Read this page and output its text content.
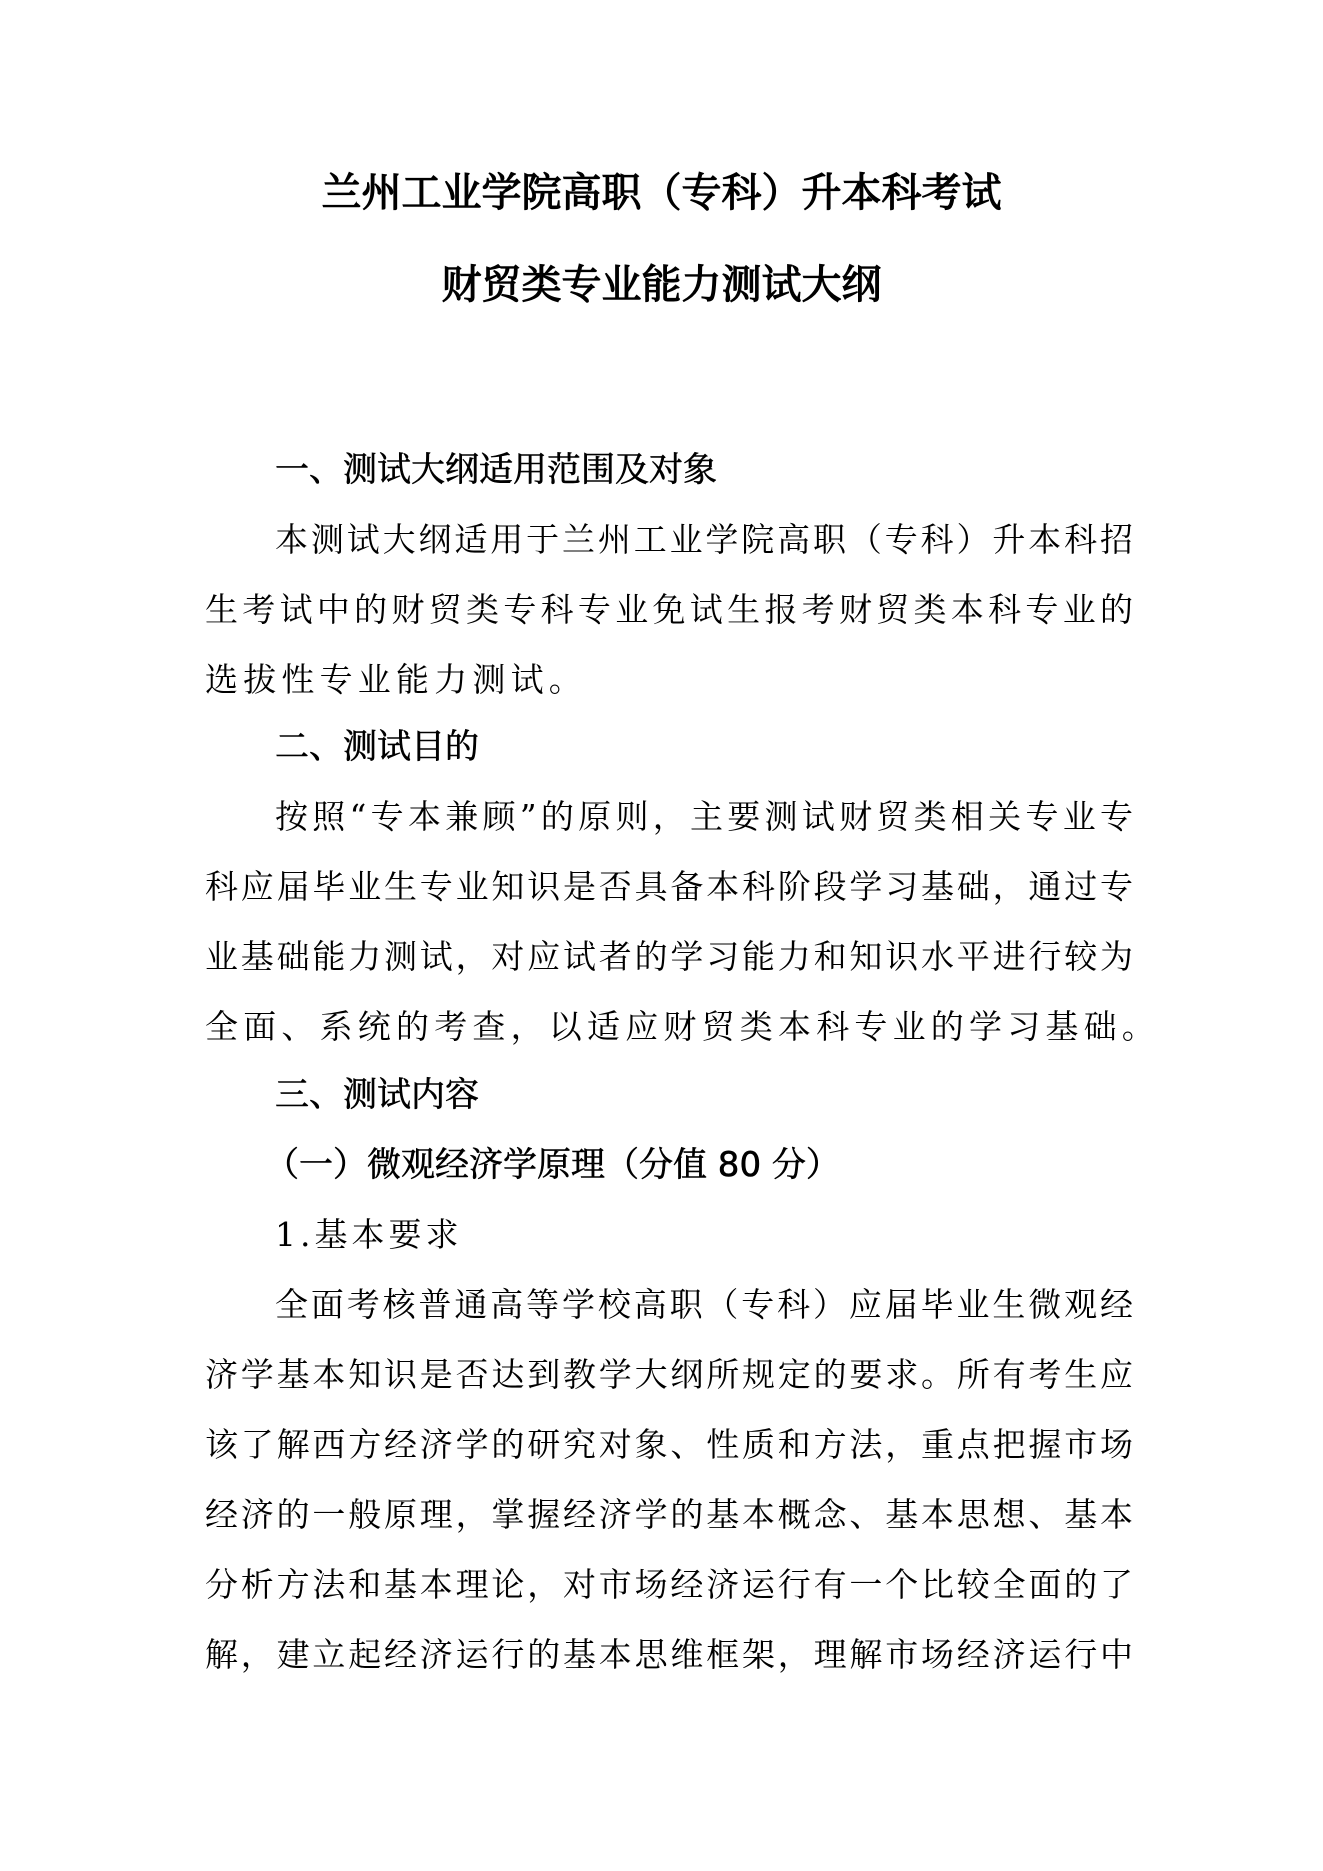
兰州工业学院高职（专科）升本科考试
财贸类专业能力测试大纲
一、测试大纲适用范围及对象
本测试大纲适用于兰州工业学院高职（专科）升本科招
生考试中的财贸类专科专业免试生报考财贸类本科专业的
选拔性专业能力测试。
二、测试目的
按照“专本兼顾”的原则，主要测试财贸类相关专业专
科应届毕业生专业知识是否具备本科阶段学习基础，通过专
业基础能力测试，对应试者的学习能力和知识水平进行较为
全面、系统的考查，以适应财贸类本科专业的学习基础。
三、测试内容
（一）微观经济学原理（分值 80 分）
1.基本要求
全面考核普通高等学校高职（专科）应届毕业生微观经
济学基本知识是否达到教学大纲所规定的要求。所有考生应
该了解西方经济学的研究对象、性质和方法，重点把握市场
经济的一般原理，掌握经济学的基本概念、基本思想、基本
分析方法和基本理论，对市场经济运行有一个比较全面的了
解，建立起经济运行的基本思维框架，理解市场经济运行中
